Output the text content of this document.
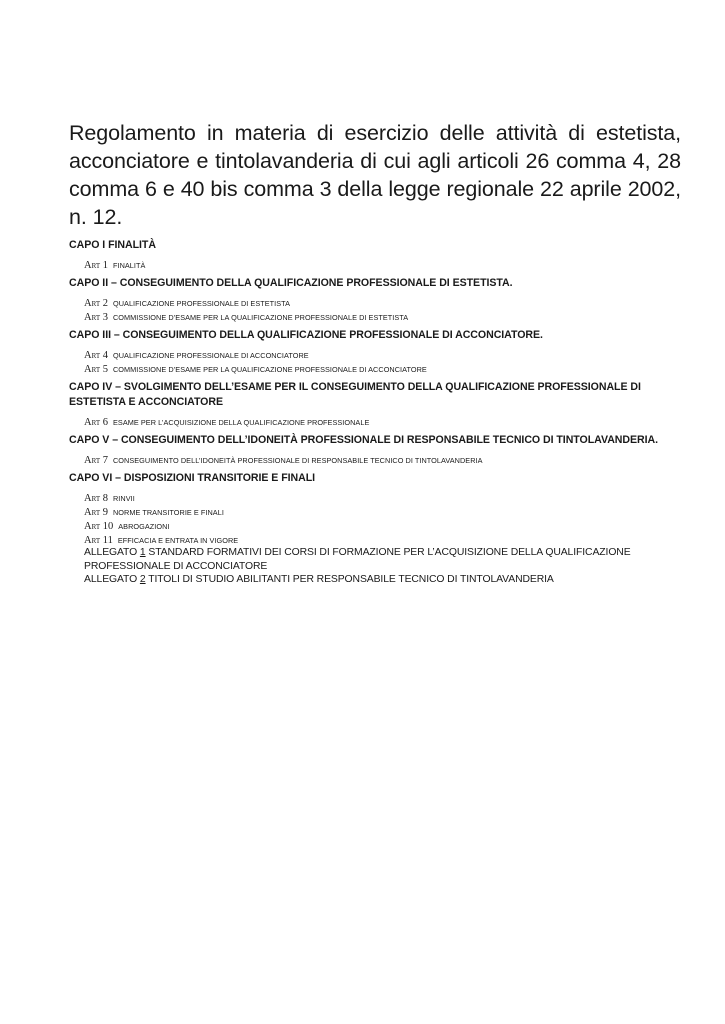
Regolamento in materia di esercizio delle attività di estetista, acconciatore e tintolavanderia di cui agli articoli 26 comma 4, 28 comma 6 e 40 bis comma 3 della legge regionale 22 aprile 2002, n. 12.

CAPO I FINALITÀ

Art 1 FINALITÀ

CAPO II – CONSEGUIMENTO DELLA QUALIFICAZIONE PROFESSIONALE DI ESTETISTA.

Art 2 QUALIFICAZIONE PROFESSIONALE DI ESTETISTA
Art 3 COMMISSIONE D’ESAME PER LA QUALIFICAZIONE PROFESSIONALE DI ESTETISTA

CAPO III – CONSEGUIMENTO DELLA QUALIFICAZIONE PROFESSIONALE DI ACCONCIATORE.

Art 4 QUALIFICAZIONE PROFESSIONALE DI ACCONCIATORE
Art 5 COMMISSIONE D’ESAME PER LA QUALIFICAZIONE PROFESSIONALE DI ACCONCIATORE

CAPO IV – SVOLGIMENTO DELL’ESAME PER IL CONSEGUIMENTO DELLA QUALIFICAZIONE PROFESSIONALE DI ESTETISTA E ACCONCIATORE

Art 6 ESAME PER L’ACQUISIZIONE DELLA QUALIFICAZIONE PROFESSIONALE

CAPO V – CONSEGUIMENTO DELL’IDONEITÀ PROFESSIONALE DI RESPONSABILE TECNICO DI TINTOLAVANDERIA.

Art 7 CONSEGUIMENTO DELL’IDONEITÀ PROFESSIONALE DI RESPONSABILE TECNICO DI TINTOLAVANDERIA

CAPO VI – DISPOSIZIONI TRANSITORIE E FINALI

Art 8 RINVII
Art 9 NORME TRANSITORIE E FINALI
Art 10 ABROGAZIONI
Art 11 EFFICACIA E ENTRATA IN VIGORE
ALLEGATO 1 STANDARD FORMATIVI DEI CORSI DI FORMAZIONE PER L’ACQUISIZIONE DELLA QUALIFICAZIONE PROFESSIONALE DI ACCONCIATORE
ALLEGATO 2 TITOLI DI STUDIO ABILITANTI PER RESPONSABILE TECNICO DI TINTOLAVANDERIA
